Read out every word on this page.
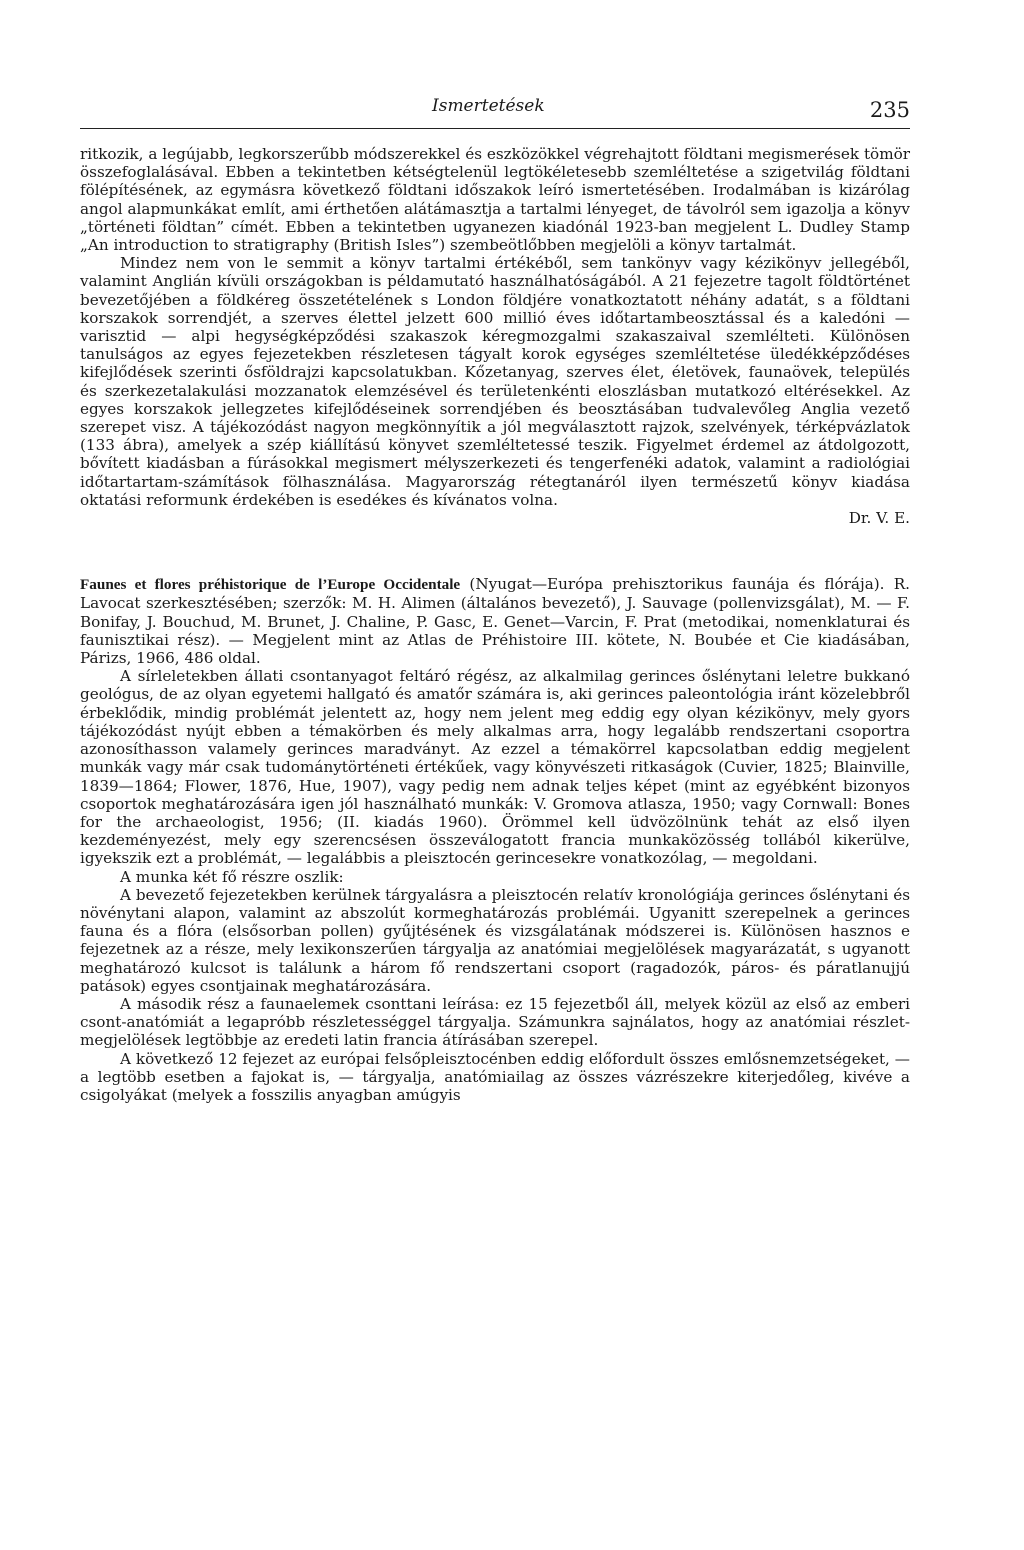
Ismertetések	235

ritkozik, a legújabb, legkorszerűbb módszerekkel és eszközökkel végrehajtott földtani megismerések tömör összefoglalásával. Ebben a tekintetben kétségtelenül legtökéletesebb szemléltetése a szigetvilág földtani fölépítésének, az egymásra következő földtani időszakok leíró ismertetésében. Irodalmában is kizárólag angol alapmunkákat említ, ami érthetően alátámasztja a tartalmi lényeget, de távolról sem igazolja a könyv „történeti földtan” címét. Ebben a tekintetben ugyanezen kiadónál 1923-ban megjelent L. Dudley Stamp „An introduction to stratigraphy (British Isles”) szembeötlőbben megjelöli a könyv tartalmát.

Mindez nem von le semmit a könyv tartalmi értékéből, sem tankönyv vagy kézikönyv jellegéből, valamint Anglián kívüli országokban is példamutató használhatóságából. A 21 fejezetre tagolt földtörténet bevezetőjében a földkéreg összetételének s London földjére vonatkoztatott néhány adatát, s a földtani korszakok sorrendjét, a szerves élettel jelzett 600 millió éves időtartambeosztással és a kaledóni — varisztid — alpi hegységképződési szakaszok kéregmozgalmi szakaszaival szemlélteti. Különösen tanulságos az egyes fejezetekben részletesen tágyalt korok egységes szemléltetése üledékképződéses kifejlődések szerinti ősföldrajzi kapcsolatukban. Kőzetanyag, szerves élet, életövek, faunaövek, település és szerkezetalakulási mozzanatok elemzésével és területenkénti eloszlásban mutatkozó eltérésekkel. Az egyes korszakok jellegzetes kifejlődéseinek sorrendjében és beosztásában tudvalevőleg Anglia vezető szerepet visz. A tájékozódást nagyon megkönnyítik a jól megválasztott rajzok, szelvények, térképvázlatok (133 ábra), amelyek a szép kiállítású könyvet szemléltetessé teszik. Figyelmet érdemel az átdolgozott, bővített kiadásban a fúrásokkal megismert mélyszerkezeti és tengerfenéki adatok, valamint a radiológiai időtartartam-számítások fölhasználása. Magyarország rétegtanáról ilyen természetű könyv kiadása oktatási reformunk érdekében is esedékes és kívánatos volna.

Dr. V. E.

Faunes et flores préhistorique de l’Europe Occidentale (Nyugat—Európa prehisztorikus faunája és flórája). R. Lavocat szerkesztésében; szerzők: M. H. Alimen (általános bevezető), J. Sauvage (pollenvizsgálat), M. — F. Bonifay, J. Bouchud, M. Brunet, J. Chaline, P. Gasc, E. Genet—Varcin, F. Prat (metodikai, nomenklaturai és faunisztikai rész). — Megjelent mint az Atlas de Préhistoire III. kötete, N. Boubée et Cie kiadásában, Párizs, 1966, 486 oldal.

A sírleletekben állati csontanyagot feltáró régész, az alkalmilag gerinces őslénytani leletre bukkanó geológus, de az olyan egyetemi hallgató és amatőr számára is, aki gerinces paleontológia iránt közelebbről érbeklődik, mindig problémát jelentett az, hogy nem jelent meg eddig egy olyan kézikönyv, mely gyors tájékozódást nyújt ebben a témakörben és mely alkalmas arra, hogy legalább rendszertani csoportra azonosíthasson valamely gerinces maradványt. Az ezzel a témakörrel kapcsolatban eddig megjelent munkák vagy már csak tudománytörténeti értékűek, vagy könyvészeti ritkaságok (Cuvier, 1825; Blainville, 1839—1864; Flower, 1876, Hue, 1907), vagy pedig nem adnak teljes képet (mint az egyébként bizonyos csoportok meghatározására igen jól használható munkák: V. Gromova atlasza, 1950; vagy Cornwall: Bones for the archaeologist, 1956; (II. kiadás 1960). Örömmel kell üdvözölnünk tehát az első ilyen kezdeményezést, mely egy szerencsésen összeválogatott francia munkaközösség tollából kikerülve, igyekszik ezt a problémát, — legalábbis a pleisztocén gerincesekre vonatkozólag, — megoldani.

A munka két fő részre oszlik:

A bevezető fejezetekben kerülnek tárgyalásra a pleisztocén relatív kronológiája gerinces őslénytani és növénytani alapon, valamint az abszolút kormeghatározás problémái. Ugyanitt szerepelnek a gerinces fauna és a flóra (elsősorban pollen) gyűjtésének és vizsgálatának módszerei is. Különösen hasznos e fejezetnek az a része, mely lexikonszerűen tárgyalja az anatómiai megjelölések magyarázatát, s ugyanott meghatározó kulcsot is találunk a három fő rendszertani csoport (ragadozók, páros- és páratlanujjú patások) egyes csontjainak meghatározására.

A második rész a faunaelemek csonttani leírása: ez 15 fejezetből áll, melyek közül az első az emberi csont-anatómiát a legapróbb részletességgel tárgyalja. Számunkra sajnálatos, hogy az anatómiai részlet-megjelölések legtöbbje az eredeti latin francia átírásában szerepel.

A következő 12 fejezet az európai felsőpleisztocénben eddig előfordult összes emlősnemzetségeket, — a legtöbb esetben a fajokat is, — tárgyalja, anatómiailag az összes vázrészekre kiterjedőleg, kivéve a csigolyákat (melyek a fosszilis anyagban amúgyis
